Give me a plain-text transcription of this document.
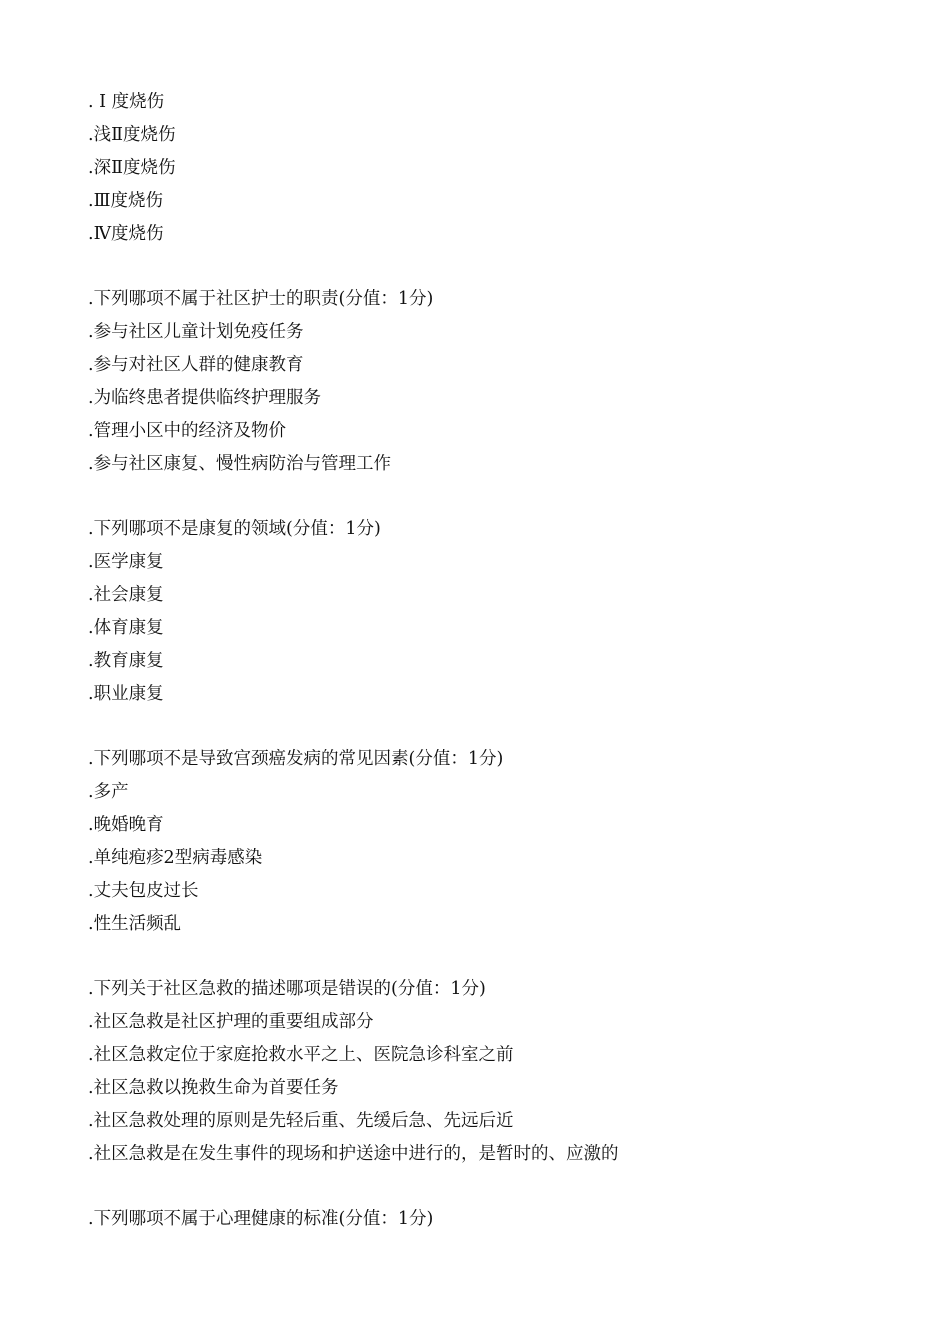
. Ⅰ 度烧伤
.浅Ⅱ度烧伤
.深Ⅱ度烧伤
.Ⅲ度烧伤
.Ⅳ度烧伤
.下列哪项不属于社区护士的职责(分值：1分)
.参与社区儿童计划免疫任务
.参与对社区人群的健康教育
.为临终患者提供临终护理服务
.管理小区中的经济及物价
.参与社区康复、慢性病防治与管理工作
.下列哪项不是康复的领域(分值：1分)
.医学康复
.社会康复
.体育康复
.教育康复
.职业康复
.下列哪项不是导致宫颈癌发病的常见因素(分值：1分)
.多产
.晚婚晚育
.单纯疱疹2型病毒感染
.丈夫包皮过长
.性生活频乱
.下列关于社区急救的描述哪项是错误的(分值：1分)
.社区急救是社区护理的重要组成部分
.社区急救定位于家庭抢救水平之上、医院急诊科室之前
.社区急救以挽救生命为首要任务
.社区急救处理的原则是先轻后重、先缓后急、先远后近
.社区急救是在发生事件的现场和护送途中进行的，是暂时的、应激的
.下列哪项不属于心理健康的标准(分值：1分)
